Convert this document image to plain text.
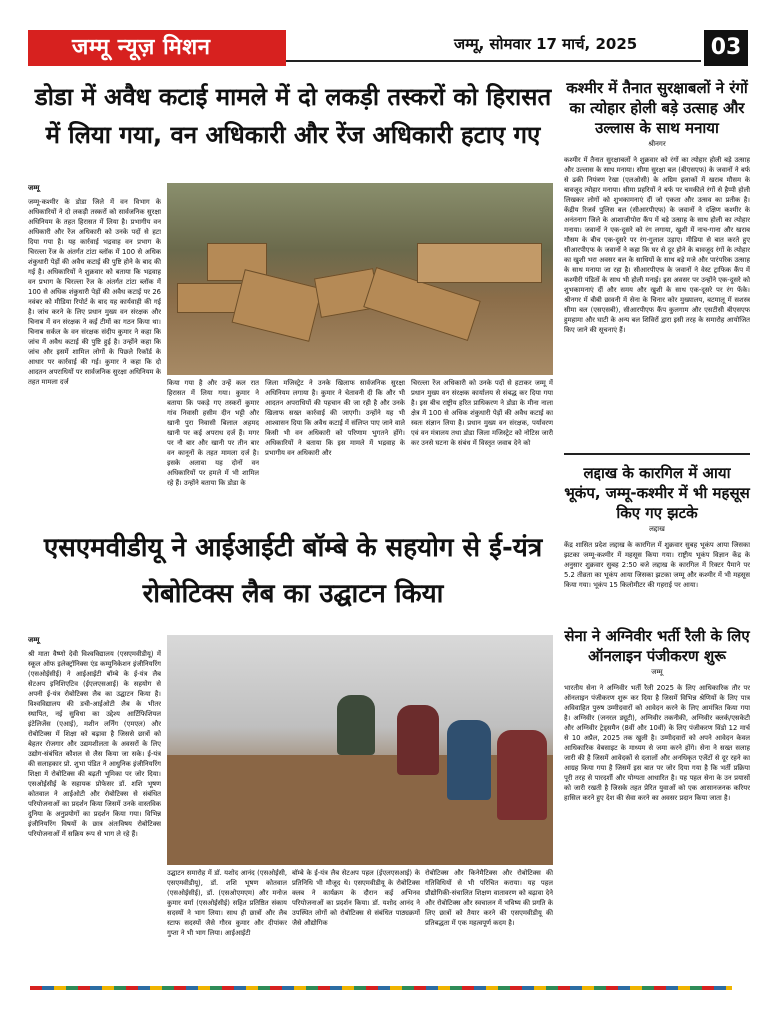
जम्मू न्यूज़ मिशन	जम्मू, सोमवार 17 मार्च, 2025	03
डोडा में अवैध कटाई मामले में दो लकड़ी तस्करों को हिरासत में लिया गया, वन अधिकारी और रेंज अधिकारी हटाए गए
जम्मू
जम्मू-कश्मीर के डोडा जिले में वन विभाग के अधिकारियों ने दो लकड़ी तस्करों को सार्वजनिक सुरक्षा अधिनियम के तहत हिरासत में लिया है। प्रभागीय वन अधिकारी और रेंज अधिकारी को उनके पदों से हटा दिया गया है। यह कार्रवाई भद्रवाह वन प्रभाग के चिरल्ला रेंज के अंतर्गत टांटा ब्लॉक में 100 से अधिक शंकुधारी पेड़ों की अवैध कटाई की पुष्टि होने के बाद की गई है। अधिकारियों ने शुक्रवार को बताया कि भद्रवाह वन प्रभाग के चिरल्ला रेंज के अंतर्गत टांटा ब्लॉक में 100 से अधिक शंकुधारी पेड़ों की अवैध कटाई पर 26 नवंबर को मीडिया रिपोर्ट के बाद यह कार्यवाही की गई है। जांच करने के लिए प्रधान मुख्य वन संरक्षक और चिनाब में वन संरक्षक ने कई टीमों का गठन किया था। चिनाब सर्कल के वन संरक्षक संदीप कुमार ने कहा कि जांच में अवैध कटाई की पुष्टि हुई है। उन्होंने कहा कि जांच और इसमें शामिल लोगों के पिछले रिकॉर्ड के आधार पर कार्रवाई की गई। कुमार ने कहा कि दो आदतन अपराधियों पर सार्वजनिक सुरक्षा अधिनियम के तहत मामला दर्ज	किया गया है और उन्हें कल रात हिरासत में लिया गया। कुमार ने बताया कि पकड़े गए तस्करों कुमार गांव निवासी हसीम दीन भट्टी और खानी पुरा निवासी बिलाल अहमद खानी पर कई अपराध दर्ज हैं। मगर पर नौ बार और खानी पर तीन बार वन कानूनों के तहत मामला दर्ज है। इसके अलावा यह दोनों वन अधिकारियों पर हमले में भी शामिल रहे हैं। उन्होंने बताया कि डोडा के
जिला मजिस्ट्रेट ने उनके खिलाफ सार्वजनिक सुरक्षा अधिनियम लगाया है। कुमार ने चेतावनी दी कि और भी आदतन अपराधियों की पहचान की जा रही है और उनके खिलाफ सख्त कार्रवाई की जाएगी। उन्होंने यह भी आश्वासन दिया कि अवैध कटाई में संलिप्त पाए जाने वाले किसी भी वन अधिकारी को परिणाम भुगतने होंगे। अधिकारियों ने बताया कि इस मामले में भद्रवाह के प्रभागीय वन अधिकारी और
चिरल्ला रेंज अधिकारी को उनके पदों से हटाकर जम्मू में प्रधान मुख्य वन संरक्षक कार्यालय से संबद्ध कर दिया गया है। इस बीच राष्ट्रीय हरित प्राधिकरण ने डोडा के मीना नाला क्षेत्र में 100 से अधिक शंकुधारी पेड़ों की अवैध कटाई का स्वतः संज्ञान लिया है। प्रधान मुख्य वन संरक्षक, पर्यावरण एवं वन मंत्रालय तथा डोडा जिला मजिस्ट्रेट को नोटिस जारी कर उनसे घटना के संबंध में विस्तृत जवाब देने को
कश्मीर में तैनात सुरक्षाबलों ने रंगों का त्योहार होली बड़े उत्साह और उल्लास के साथ मनाया
श्रीनगर
कश्मीर में तैनात सुरक्षाबलों ने शुक्रवार को रंगों का त्योहार होली बड़े उत्साह और उल्लास के साथ मनाया। सीमा सुरक्षा बल (बीएसएफ) के जवानों ने बर्फ से ढकी नियंत्रण रेखा (एलओसी) के अग्रिम इलाकों में खराब मौसम के बावजूद त्योहार मनाया। सीमा प्रहरियों ने बर्फ पर चमकीले रंगों से हैप्पी होली लिखकर लोगों को शुभकामनाएं दीं जो एकता और उत्सव का प्रतीक है। केंद्रीय रिजर्व पुलिस बल (सीआरपीएफ) के जवानों ने दक्षिण कश्मीर के अनंतनाग जिले के आशाजीपोरा कैंप में बड़े उत्साह के साथ होली का त्योहार मनाया। जवानों ने एक-दूसरे को रंग लगाया, खुशी में नाच-गाना और खराब मौसम के बीच एक-दूसरे पर रंग-गुलाल उड़ाए। मीडिया से बात करते हुए सीआरपीएफ के जवानों ने कहा कि घर से दूर होने के बावजूद रंगों के त्योहार का खुशी भरा अवसर बल के साथियों के साथ बड़े मजे और पारंपरिक उत्साह के साथ मनाया जा रहा है। सीआरपीएफ के जवानों ने वेस्ट ट्राफिक कैंप में कश्मीरी पंडितों के साथ भी होली मनाई। इस अवसर पर उन्होंने एक-दूसरे को शुभकामनाएं दीं और समय और खुशी के साथ एक-दूसरे पर रंग फेंके। श्रीनगर में बीबी छावनी में सेना के चिनार कोर मुख्यालय, बटमालू में सशस्त्र सीमा बल (एसएसबी), सीआरपीएफ कैंप कुलगाम और एसटीसी बीएसएफ हुमहामा और घाटी के अन्य बल शिविरों द्वारा इसी तरह के समारोह आयोजित किए जाने की सूचनाएं हैं।
लद्दाख के कारगिल में आया भूकंप, जम्मू-कश्मीर में भी महसूस किए गए झटके
लद्दाख
केंद्र शासित प्रदेश लद्दाख के कारगिल में शुक्रवार सुबह भूकंप आया जिसका झटका जम्मू-कश्मीर में महसूस किया गया। राष्ट्रीय भूकंप विज्ञान केंद्र के अनुसार शुक्रवार सुबह 2:50 बजे लद्दाख के कारगिल में रिक्टर पैमाने पर 5.2 तीव्रता का भूकंप आया जिसका झटका जम्मू और कश्मीर में भी महसूस किया गया। भूकंप 15 किलोमीटर की गहराई पर आया।
सेना ने अग्निवीर भर्ती रैली के लिए ऑनलाइन पंजीकरण शुरू
जम्मू
भारतीय सेना ने अग्निवीर भर्ती रैली 2025 के लिए आधिकारिक तौर पर ऑनलाइन पंजीकरण शुरू कर दिया है जिसमें विभिन्न श्रेणियों के लिए पात्र अविवाहित पुरुष उम्मीदवारों को आवेदन करने के लिए आमंत्रित किया गया है। अग्निवीर (जनरल ड्यूटी), अग्निवीर तकनीकी, अग्निवीर क्लर्क/एसकेटी और अग्निवीर ट्रेड्समैन (8वीं और 10वीं) के लिए पंजीकरण विंडो 12 मार्च से 10 अप्रैल, 2025 तक खुली है। उम्मीदवारों को अपने आवेदन केवल आधिकारिक वेबसाइट के माध्यम से जमा करने होंगे। सेना ने सख्त सलाह जारी की है जिसमें आवेदकों से दलालों और अनधिकृत एजेंटों से दूर रहने का आग्रह किया गया है जिसमें इस बात पर जोर दिया गया है कि भर्ती प्रक्रिया पूरी तरह से पारदर्शी और योग्यता आधारित है। यह पहल सेना के उन प्रयासों को जारी रखती है जिसके तहत प्रेरित युवाओं को एक आसानजनक करियर हासिल करने हुए देश की सेवा करने का अवसर प्रदान किया जाता है।
एसएमवीडीयू ने आईआईटी बॉम्बे के सहयोग से ई-यंत्र रोबोटिक्स लैब का उद्घाटन किया
जम्मू
श्री माता वैष्णो देवी विश्वविद्यालय (एसएमवीडीयू) में स्कूल ऑफ इलेक्ट्रॉनिक्स एंड कम्युनिकेशन इंजीनियरिंग (एसओईसीई) ने आईआईटी बॉम्बे के ई-यंत्र लैब सेटअप इनिशिएटिव (ईएलएसआई) के सहयोग से अपनी ई-यंत्र रोबोटिक्स लैब का उद्घाटन किया है। विश्वविद्यालय की डची-आईओटी लैब के भीतर स्थापित, नई सुविधा का उद्देश्य आर्टिफिशियल इंटेलिजेंस (एआई), मशीन लर्निंग (एमएल) और रोबोटिक्स में शिक्षा को बढ़ावा है जिससे छात्रों को बेहतर रोजगार और उद्यमशीलता के अवसरों के लिए उद्योग-संबंधित कौशल से लैस किया जा सके। ई-यंत्र की सलाहकार प्रो. शुभा पंडित ने आधुनिक इंजीनियरिंग शिक्षा में रोबोटिक्स की बढ़ती भूमिका पर जोर दिया। एसओईसीई के सहायक प्रोफेसर डॉ. शशि भूषण कोतवाल ने आईओटी और रोबोटिक्स से संबंधित परियोजनाओं का प्रदर्शन किया जिसमें उनके वास्तविक दुनिया के अनुप्रयोगों का प्रदर्शन किया गया। विभिन्न इंजीनियरिंग विषयों के छात्र अंतःविषय रोबोटिक्स परियोजनाओं में सक्रिय रूप से भाग ले रहे हैं।
उद्घाटन समारोह में डॉ. यशोद आनंद (एसओईसी, एसएमवीडीयू), डॉ. शशि भूषण कोतवाल (एसओईसीई), डॉ. (एसओएमएम) और मनोज कुमार वर्मा (एसओईसीई) सहित प्रतिष्ठित संकाय सदस्यों ने भाग लिया। साथ ही छात्रों और लैब स्टाफ सदस्यों जैसे गौरव कुमार और दीपांकर गुप्ता ने भी भाग लिया। आईआईटी
बॉम्बे के ई-यंत्र लैब सेटअप पहल (ईएलएसआई) के प्रतिनिधि भी मौजूद थे। एसएमवीडीयू के रोबोटिक्स क्लब ने कार्यक्रम के दौरान कई अभिनव परियोजनाओं का प्रदर्शन किया। डॉ. यशोद आनंद ने उपस्थित लोगों को रोबोटिक्स से संबंधित पाठ्यक्रमों जैसे औद्योगिक
रोबोटिक्स और किनेमैटिक्स और रोबोटिक्स की गतिविधियों से भी परिचित कराया। यह पहल प्रौद्योगिकी-संचालित शिक्षण वातावरण को बढ़ावा देने और रोबोटिक्स और स्वचालन में भविष्य की प्रगति के लिए छात्रों को तैयार करने की एसएमवीडीयू की प्रतिबद्धता में एक महत्वपूर्ण कदम है।
